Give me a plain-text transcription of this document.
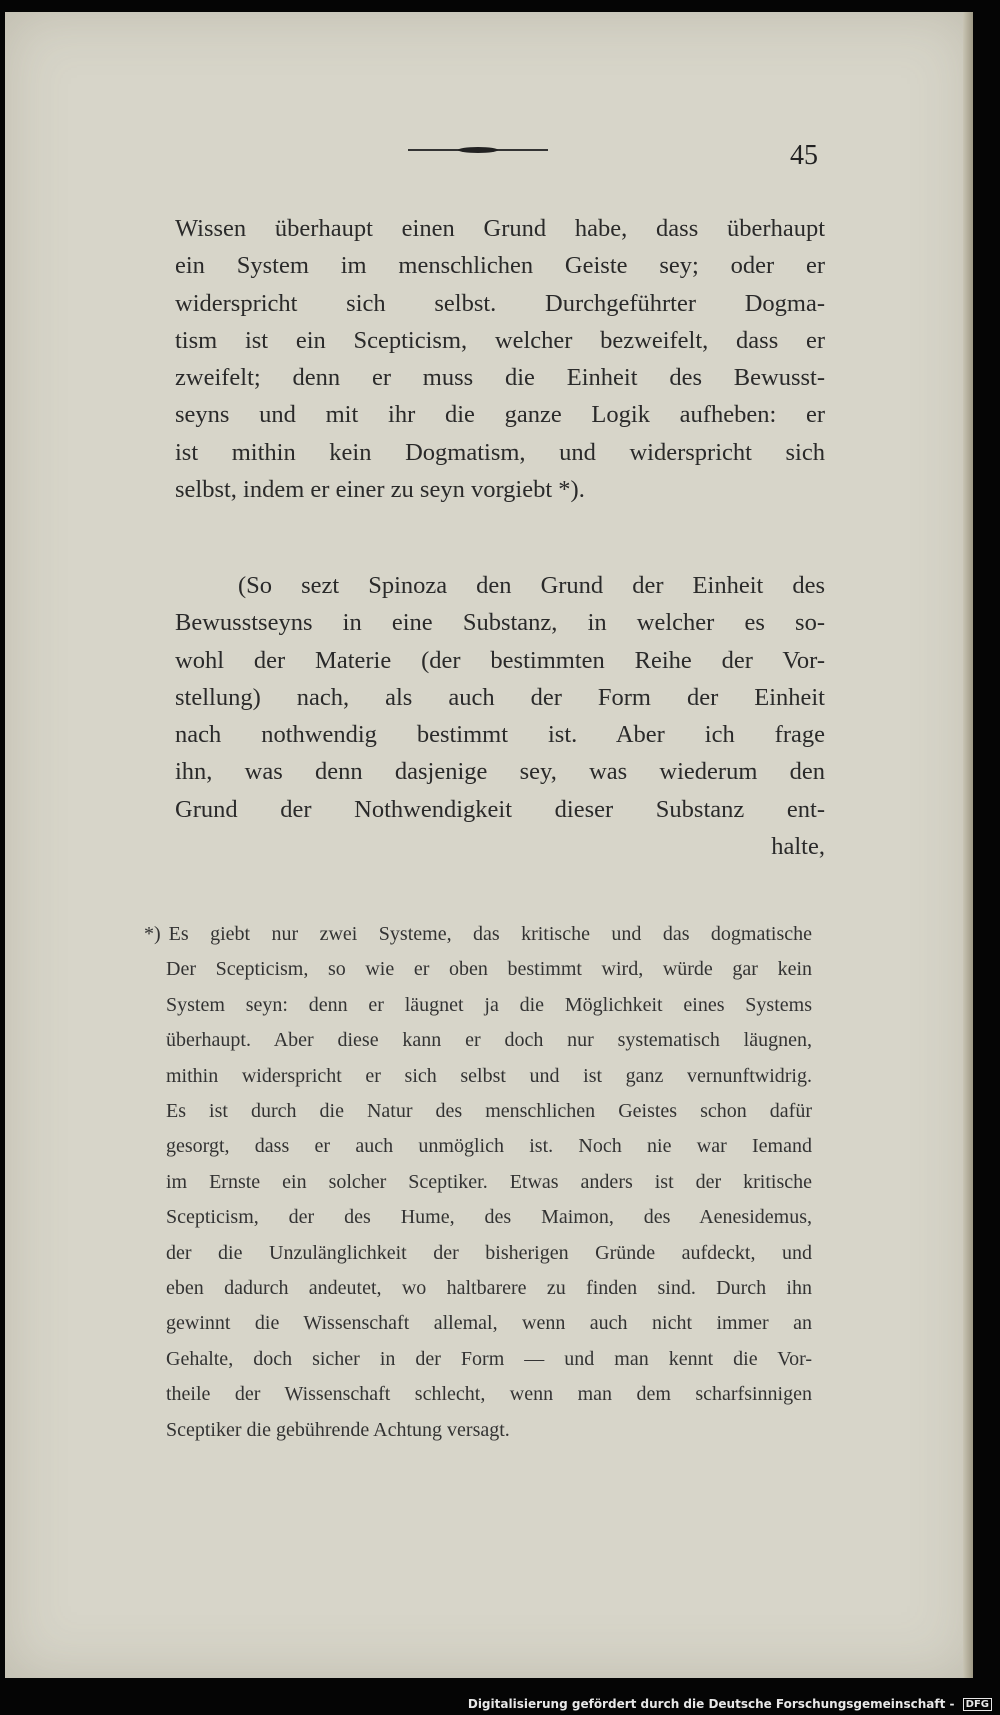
45
Wissen überhaupt einen Grund habe, dass überhaupt
ein System im menschlichen Geiste sey; oder er
widerspricht sich selbst. Durchgeführter Dogma-
tism ist ein Scepticism, welcher bezweifelt, dass er
zweifelt; denn er muss die Einheit des Bewusst-
seyns und mit ihr die ganze Logik aufheben: er
ist mithin kein Dogmatism, und widerspricht sich
selbst, indem er einer zu seyn vorgiebt *).
(So sezt Spinoza den Grund der Einheit des
Bewusstseyns in eine Substanz, in welcher es so-
wohl der Materie (der bestimmten Reihe der Vor-
stellung) nach, als auch der Form der Einheit
nach nothwendig bestimmt ist. Aber ich frage
ihn, was denn dasjenige sey, was wiederum den
Grund der Nothwendigkeit dieser Substanz ent-
halte,
*) Es giebt nur zwei Systeme, das kritische und das dogmatische
Der Scepticism, so wie er oben bestimmt wird, würde gar kein
System seyn: denn er läugnet ja die Möglichkeit eines Systems
überhaupt. Aber diese kann er doch nur systematisch läugnen,
mithin widerspricht er sich selbst und ist ganz vernunftwidrig.
Es ist durch die Natur des menschlichen Geistes schon dafür
gesorgt, dass er auch unmöglich ist. Noch nie war Iemand
im Ernste ein solcher Sceptiker. Etwas anders ist der kritische
Scepticism, der des Hume, des Maimon, des Aenesidemus,
der die Unzulänglichkeit der bisherigen Gründe aufdeckt, und
eben dadurch andeutet, wo haltbarere zu finden sind. Durch ihn
gewinnt die Wissenschaft allemal, wenn auch nicht immer an
Gehalte, doch sicher in der Form — und man kennt die Vor-
theile der Wissenschaft schlecht, wenn man dem scharfsinnigen
Sceptiker die gebührende Achtung versagt.
Digitalisierung gefördert durch die Deutsche Forschungsgemeinschaft - DFG
